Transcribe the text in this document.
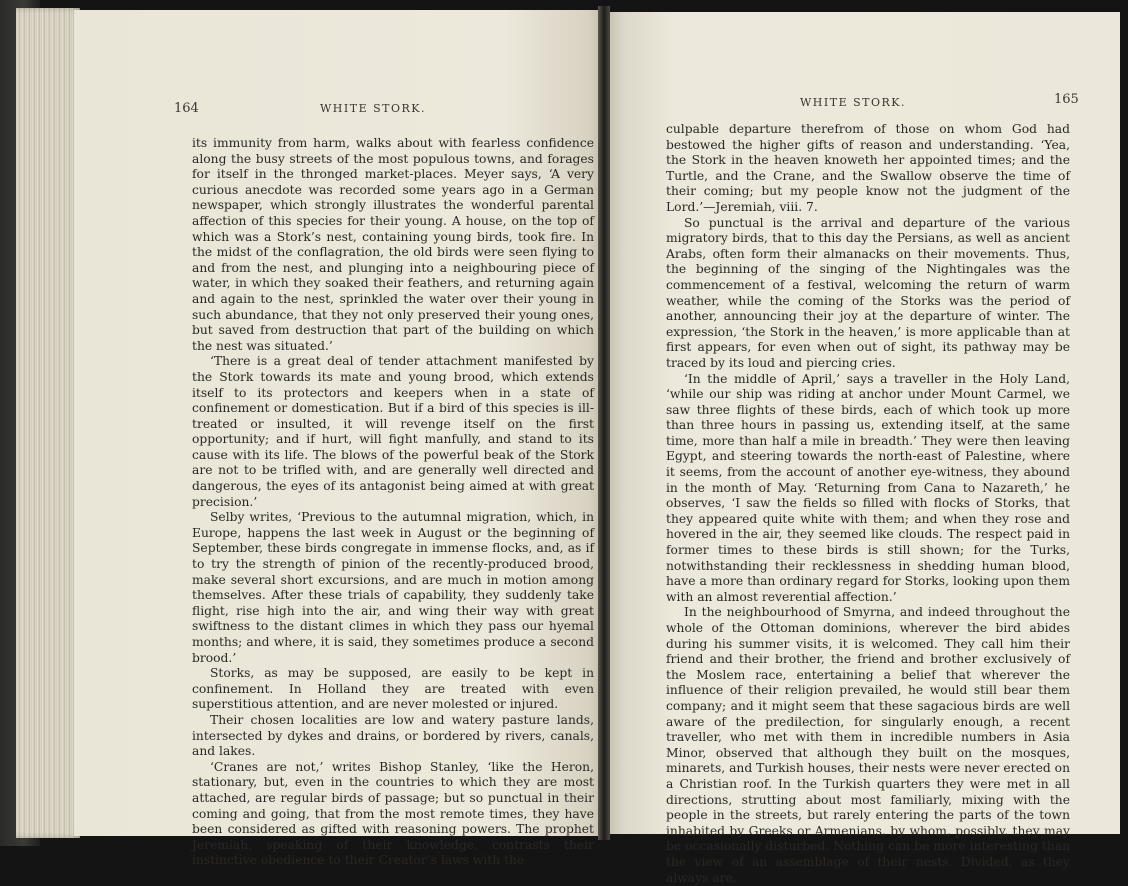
164	WHITE STORK.

its immunity from harm, walks about with fearless confidence along the busy streets of the most populous towns, and forages for itself in the thronged market-places. Meyer says, ‘A very curious anecdote was recorded some years ago in a German newspaper, which strongly illustrates the wonderful parental affection of this species for their young. A house, on the top of which was a Stork’s nest, containing young birds, took fire. In the midst of the conflagration, the old birds were seen flying to and from the nest, and plunging into a neighbouring piece of water, in which they soaked their feathers, and returning again and again to the nest, sprinkled the water over their young in such abundance, that they not only preserved their young ones, but saved from destruction that part of the building on which the nest was situated.’

‘There is a great deal of tender attachment manifested by the Stork towards its mate and young brood, which extends itself to its protectors and keepers when in a state of confinement or domestication. But if a bird of this species is ill-treated or insulted, it will revenge itself on the first opportunity; and if hurt, will fight manfully, and stand to its cause with its life. The blows of the powerful beak of the Stork are not to be trifled with, and are generally well directed and dangerous, the eyes of its antagonist being aimed at with great precision.’

Selby writes, ‘Previous to the autumnal migration, which, in Europe, happens the last week in August or the beginning of September, these birds congregate in immense flocks, and, as if to try the strength of pinion of the recently-produced brood, make several short excursions, and are much in motion among themselves. After these trials of capability, they suddenly take flight, rise high into the air, and wing their way with great swiftness to the distant climes in which they pass our hyemal months; and where, it is said, they sometimes produce a second brood.’

Storks, as may be supposed, are easily to be kept in confinement. In Holland they are treated with even superstitious attention, and are never molested or injured.

Their chosen localities are low and watery pasture lands, intersected by dykes and drains, or bordered by rivers, canals, and lakes.

‘Cranes are not,’ writes Bishop Stanley, ‘like the Heron, stationary, but, even in the countries to which they are most attached, are regular birds of passage; but so punctual in their coming and going, that from the most remote times, they have been considered as gifted with reasoning powers. The prophet Jeremiah, speaking of their knowledge, contrasts their instinctive obedience to their Creator’s laws with the

WHITE STORK.	165

culpable departure therefrom of those on whom God had bestowed the higher gifts of reason and understanding. ‘Yea, the Stork in the heaven knoweth her appointed times; and the Turtle, and the Crane, and the Swallow observe the time of their coming; but my people know not the judgment of the Lord.’—Jeremiah, viii. 7.

So punctual is the arrival and departure of the various migratory birds, that to this day the Persians, as well as ancient Arabs, often form their almanacks on their movements. Thus, the beginning of the singing of the Nightingales was the commencement of a festival, welcoming the return of warm weather, while the coming of the Storks was the period of another, announcing their joy at the departure of winter. The expression, ‘the Stork in the heaven,’ is more applicable than at first appears, for even when out of sight, its pathway may be traced by its loud and piercing cries.

‘In the middle of April,’ says a traveller in the Holy Land, ‘while our ship was riding at anchor under Mount Carmel, we saw three flights of these birds, each of which took up more than three hours in passing us, extending itself, at the same time, more than half a mile in breadth.’ They were then leaving Egypt, and steering towards the north-east of Palestine, where it seems, from the account of another eye-witness, they abound in the month of May. ‘Returning from Cana to Nazareth,’ he observes, ‘I saw the fields so filled with flocks of Storks, that they appeared quite white with them; and when they rose and hovered in the air, they seemed like clouds. The respect paid in former times to these birds is still shown; for the Turks, notwithstanding their recklessness in shedding human blood, have a more than ordinary regard for Storks, looking upon them with an almost reverential affection.’

In the neighbourhood of Smyrna, and indeed throughout the whole of the Ottoman dominions, wherever the bird abides during his summer visits, it is welcomed. They call him their friend and their brother, the friend and brother exclusively of the Moslem race, entertaining a belief that wherever the influence of their religion prevailed, he would still bear them company; and it might seem that these sagacious birds are well aware of the predilection, for singularly enough, a recent traveller, who met with them in incredible numbers in Asia Minor, observed that although they built on the mosques, minarets, and Turkish houses, their nests were never erected on a Christian roof. In the Turkish quarters they were met in all directions, strutting about most familiarly, mixing with the people in the streets, but rarely entering the parts of the town inhabited by Greeks or Armenians, by whom, possibly, they may be occasionally disturbed. Nothing can be more interesting than the view of an assemblage of their nests. Divided, as they always are,
